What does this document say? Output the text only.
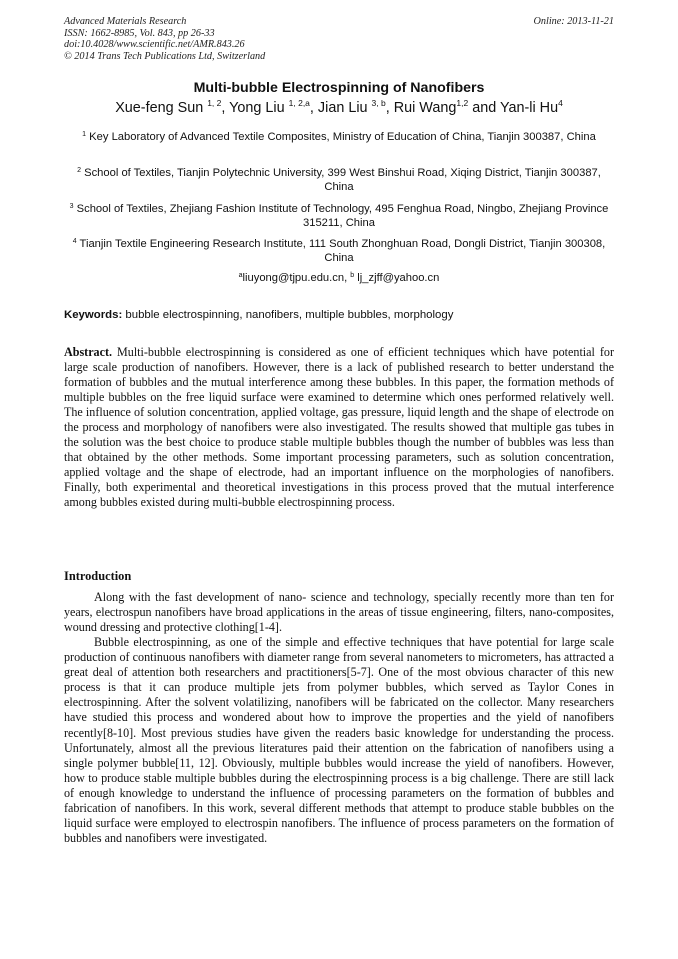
Advanced Materials Research
ISSN: 1662-8985, Vol. 843, pp 26-33
doi:10.4028/www.scientific.net/AMR.843.26
© 2014 Trans Tech Publications Ltd, Switzerland
Online: 2013-11-21
Multi-bubble Electrospinning of Nanofibers
Xue-feng Sun $^{1, 2}$, Yong Liu $^{1, 2,a}$, Jian Liu $^{3, b}$, Rui Wang$^{1,2}$ and Yan-li Hu$^4$
$^1$ Key Laboratory of Advanced Textile Composites, Ministry of Education of China, Tianjin 300387, China
$^2$ School of Textiles, Tianjin Polytechnic University, 399 West Binshui Road, Xiqing District, Tianjin 300387, China
$^3$ School of Textiles, Zhejiang Fashion Institute of Technology, 495 Fenghua Road, Ningbo, Zhejiang Province 315211, China
$^4$ Tianjin Textile Engineering Research Institute, 111 South Zhonghuan Road, Dongli District, Tianjin 300308, China
$^a$liuyong@tjpu.edu.cn, $^b$ lj_zjff@yahoo.cn
Keywords: bubble electrospinning, nanofibers, multiple bubbles, morphology
Abstract. Multi-bubble electrospinning is considered as one of efficient techniques which have potential for large scale production of nanofibers. However, there is a lack of published research to better understand the formation of bubbles and the mutual interference among these bubbles. In this paper, the formation methods of multiple bubbles on the free liquid surface were examined to determine which ones performed relatively well. The influence of solution concentration, applied voltage, gas pressure, liquid length and the shape of electrode on the process and morphology of nanofibers were also investigated. The results showed that multiple gas tubes in the solution was the best choice to produce stable multiple bubbles though the number of bubbles was less than that obtained by the other methods. Some important processing parameters, such as solution concentration, applied voltage and the shape of electrode, had an important influence on the morphologies of nanofibers. Finally, both experimental and theoretical investigations in this process proved that the mutual interference among bubbles existed during multi-bubble electrospinning process.
Introduction
Along with the fast development of nano- science and technology, specially recently more than ten for years, electrospun nanofibers have broad applications in the areas of tissue engineering, filters, nano-composites, wound dressing and protective clothing[1-4].
Bubble electrospinning, as one of the simple and effective techniques that have potential for large scale production of continuous nanofibers with diameter range from several nanometers to micrometers, has attracted a great deal of attention both researchers and practitioners[5-7]. One of the most obvious character of this new process is that it can produce multiple jets from polymer bubbles, which served as Taylor Cones in electrospinning. After the solvent volatilizing, nanofibers will be fabricated on the collector. Many researchers have studied this process and wondered about how to improve the properties and the yield of nanofibers recently[8-10]. Most previous studies have given the readers basic knowledge for understanding the process. Unfortunately, almost all the previous literatures paid their attention on the fabrication of nanofibers using a single polymer bubble[11, 12]. Obviously, multiple bubbles would increase the yield of nanofibers. However, how to produce stable multiple bubbles during the electrospinning process is a big challenge. There are still lack of enough knowledge to understand the influence of processing parameters on the formation of bubbles and fabrication of nanofibers. In this work, several different methods that attempt to produce stable bubbles on the liquid surface were employed to electrospin nanofibers. The influence of process parameters on the formation of bubbles and nanofibers were investigated.
